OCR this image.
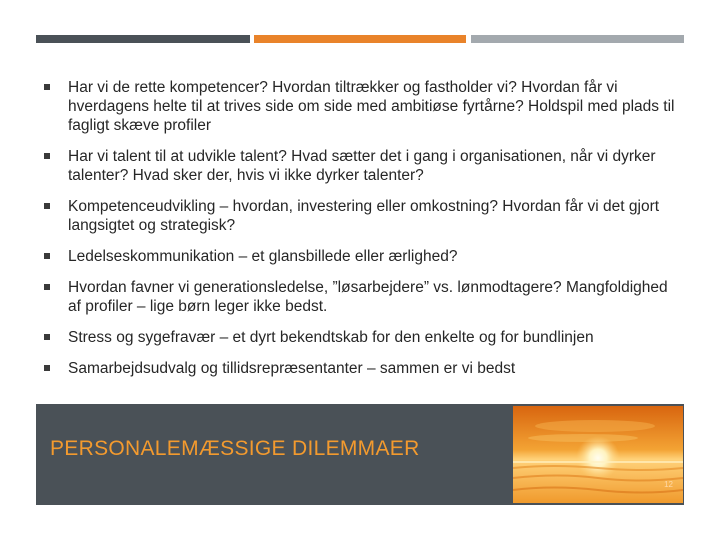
Har vi de rette kompetencer? Hvordan tiltrækker og fastholder vi? Hvordan får vi hverdagens helte til at trives side om side med ambitiøse fyrtårne? Holdspil med plads til fagligt skæve profiler
Har vi talent til at udvikle talent? Hvad sætter det i gang i organisationen, når vi dyrker talenter? Hvad sker der, hvis vi ikke dyrker talenter?
Kompetenceudvikling – hvordan, investering eller omkostning? Hvordan får vi det gjort langsigtet og strategisk?
Ledelseskommunikation – et glansbillede eller ærlighed?
Hvordan favner vi generationsledelse, ”løsarbejdere” vs. lønmodtagere? Mangfoldighed af profiler – lige børn leger ikke bedst.
Stress og sygefravær – et dyrt bekendtskab for den enkelte og for bundlinjen
Samarbejdsudvalg og tillidsrepræsentanter – sammen er vi bedst
PERSONALEMÆSSIGE DILEMMAER
12
